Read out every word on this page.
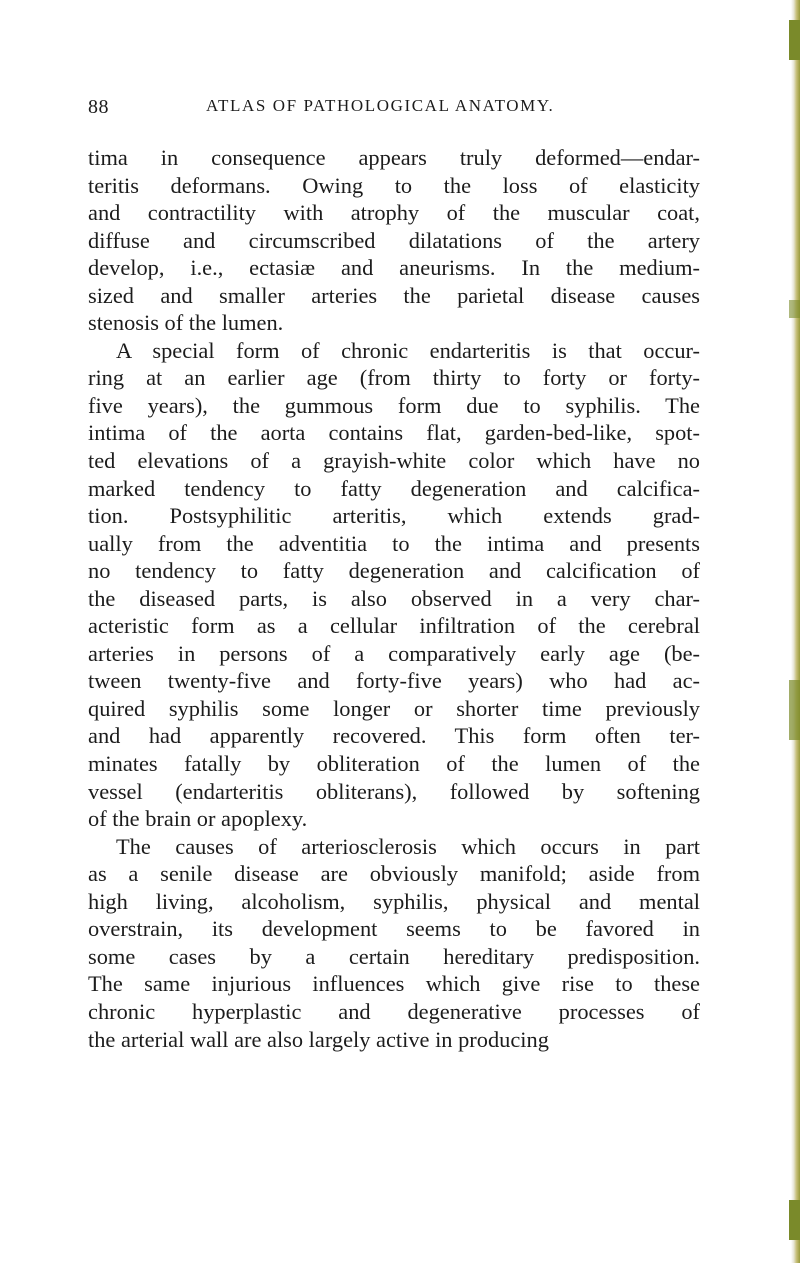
88	ATLAS OF PATHOLOGICAL ANATOMY.
tima in consequence appears truly deformed—endar-
teritis deformans. Owing to the loss of elasticity
and contractility with atrophy of the muscular coat,
diffuse and circumscribed dilatations of the artery
develop, i.e., ectasiæ and aneurisms. In the medium-
sized and smaller arteries the parietal disease causes
stenosis of the lumen.
A special form of chronic endarteritis is that occur-
ring at an earlier age (from thirty to forty or forty-
five years), the gummous form due to syphilis. The
intima of the aorta contains flat, garden-bed-like, spot-
ted elevations of a grayish-white color which have no
marked tendency to fatty degeneration and calcifica-
tion. Postsyphilitic arteritis, which extends grad-
ually from the adventitia to the intima and presents
no tendency to fatty degeneration and calcification of
the diseased parts, is also observed in a very char-
acteristic form as a cellular infiltration of the cerebral
arteries in persons of a comparatively early age (be-
tween twenty-five and forty-five years) who had ac-
quired syphilis some longer or shorter time previously
and had apparently recovered. This form often ter-
minates fatally by obliteration of the lumen of the
vessel (endarteritis obliterans), followed by softening
of the brain or apoplexy.
The causes of arteriosclerosis which occurs in part
as a senile disease are obviously manifold; aside from
high living, alcoholism, syphilis, physical and mental
overstrain, its development seems to be favored in
some cases by a certain hereditary predisposition.
The same injurious influences which give rise to these
chronic hyperplastic and degenerative processes of
the arterial wall are also largely active in producing
